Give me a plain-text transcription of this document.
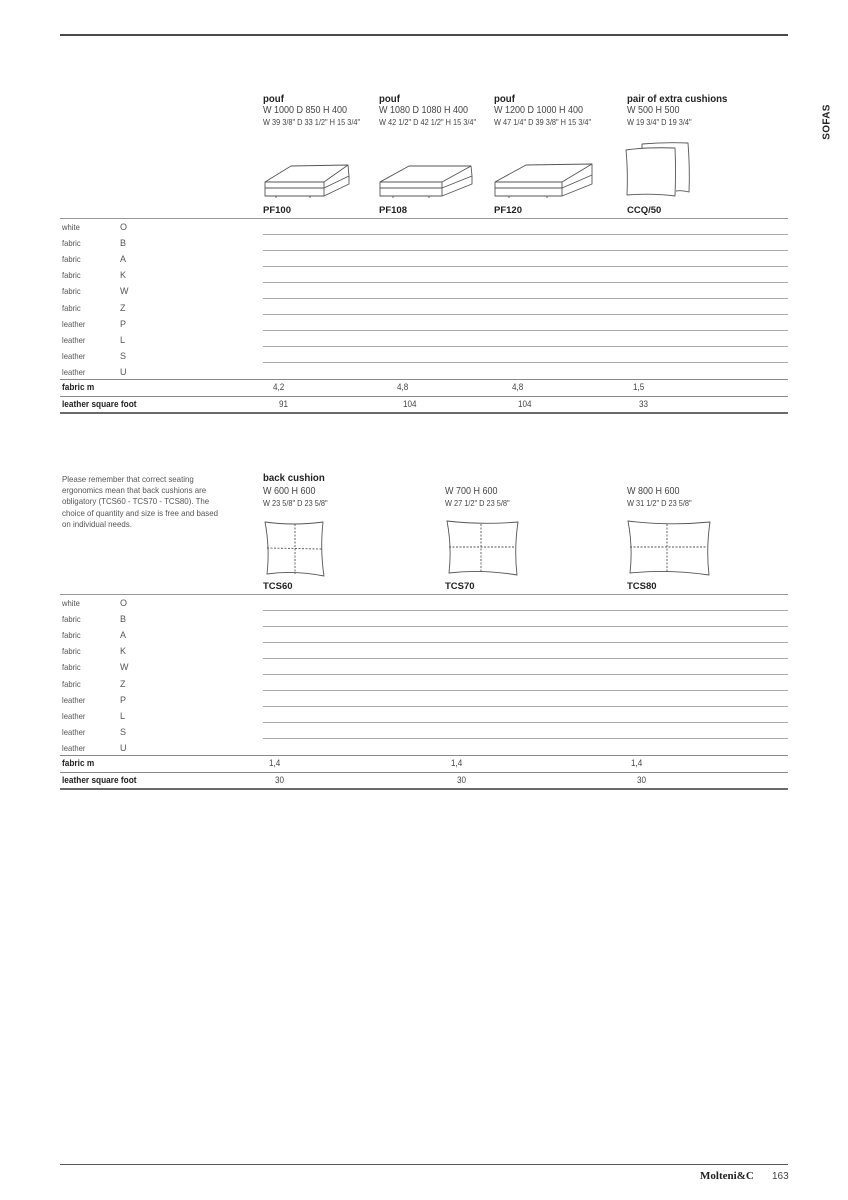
SOFAS
pouf
W 1000 D 850 H 400
W 39 3/8" D 33 1/2" H 15 3/4"
pouf
W 1080 D 1080 H 400
W 42 1/2" D 42 1/2" H 15 3/4"
pouf
W 1200 D 1000 H 400
W 47 1/4" D 39 3/8" H 15 3/4"
pair of extra cushions
W 500 H 500
W 19 3/4" D 19 3/4"
PF100	PF108	PF120	CCQ/50
white	O
fabric	B
fabric	A
fabric	K
fabric	W
fabric	Z
leather	P
leather	L
leather	S
leather	U
fabric m	4,2	4,8	4,8	1,5
leather square foot	91	104	104	33
Please remember that correct seating ergonomics mean that back cushions are obligatory (TCS60 - TCS70 - TCS80). The choice of quantity and size is free and based on individual needs.
back cushion
W 600 H 600
W 23 5/8" D 23 5/8"
W 700 H 600
W 27 1/2" D 23 5/8"
W 800 H 600
W 31 1/2" D 23 5/8"
TCS60	TCS70	TCS80
white	O
fabric	B
fabric	A
fabric	K
fabric	W
fabric	Z
leather	P
leather	L
leather	S
leather	U
fabric m	1,4	1,4	1,4
leather square foot	30	30	30
Molteni&C 163
